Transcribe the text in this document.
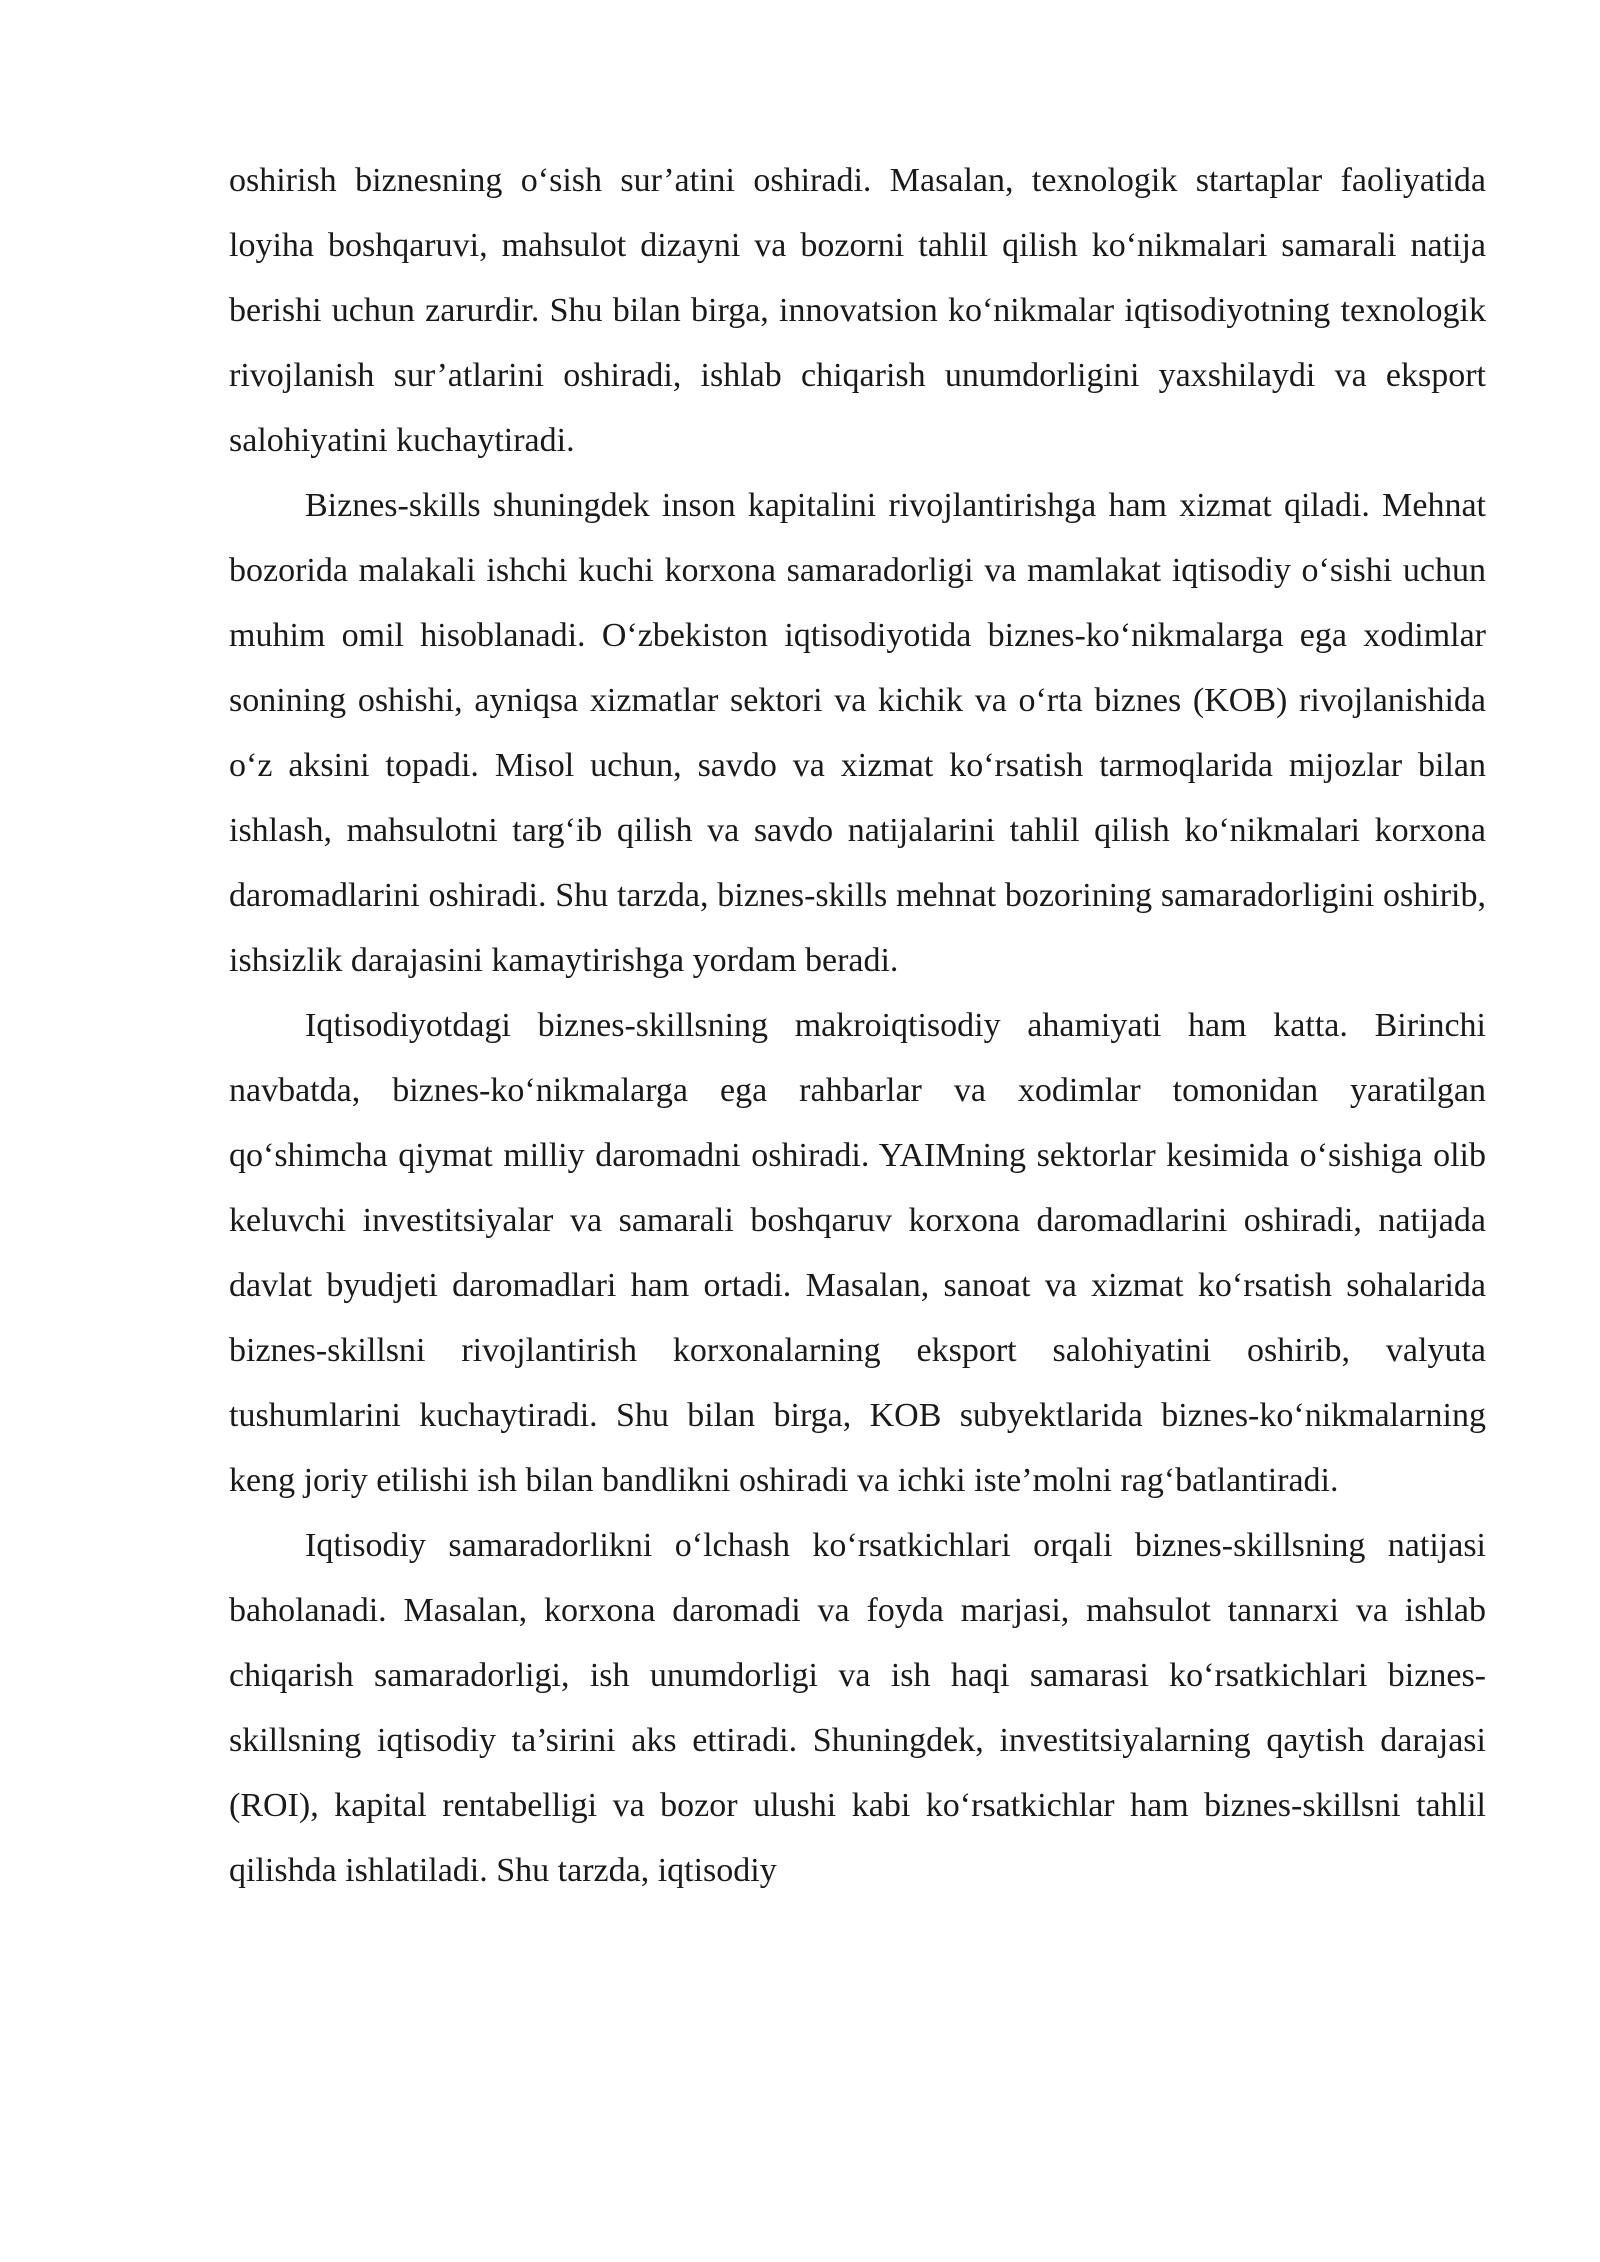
oshirish biznesning o‘sish sur’atini oshiradi. Masalan, texnologik startaplar faoliyatida loyiha boshqaruvi, mahsulot dizayni va bozorni tahlil qilish ko‘nikmalari samarali natija berishi uchun zarurdir. Shu bilan birga, innovatsion ko‘nikmalar iqtisodiyotning texnologik rivojlanish sur’atlarini oshiradi, ishlab chiqarish unumdorligini yaxshilaydi va eksport salohiyatini kuchaytiradi.

Biznes-skills shuningdek inson kapitalini rivojlantirishga ham xizmat qiladi. Mehnat bozorida malakali ishchi kuchi korxona samaradorligi va mamlakat iqtisodiy o‘sishi uchun muhim omil hisoblanadi. O‘zbekiston iqtisodiyotida biznes-ko‘nikmalarga ega xodimlar sonining oshishi, ayniqsa xizmatlar sektori va kichik va o‘rta biznes (KOB) rivojlanishida o‘z aksini topadi. Misol uchun, savdo va xizmat ko‘rsatish tarmoqlarida mijozlar bilan ishlash, mahsulotni targ‘ib qilish va savdo natijalarini tahlil qilish ko‘nikmalari korxona daromadlarini oshiradi. Shu tarzda, biznes-skills mehnat bozorining samaradorligini oshirib, ishsizlik darajasini kamaytirishga yordam beradi.

Iqtisodiyotdagi biznes-skillsning makroiqtisodiy ahamiyati ham katta. Birinchi navbatda, biznes-ko‘nikmalarga ega rahbarlar va xodimlar tomonidan yaratilgan qo‘shimcha qiymat milliy daromadni oshiradi. YAIMning sektorlar kesimida o‘sishiga olib keluvchi investitsiyalar va samarali boshqaruv korxona daromadlarini oshiradi, natijada davlat byudjeti daromadlari ham ortadi. Masalan, sanoat va xizmat ko‘rsatish sohalarida biznes-skillsni rivojlantirish korxonalarning eksport salohiyatini oshirib, valyuta tushumlarini kuchaytiradi. Shu bilan birga, KOB subyektlarida biznes-ko‘nikmalarning keng joriy etilishi ish bilan bandlikni oshiradi va ichki iste’molni rag‘batlantiradi.

Iqtisodiy samaradorlikni o‘lchash ko‘rsatkichlari orqali biznes-skillsning natijasi baholanadi. Masalan, korxona daromadi va foyda marjasi, mahsulot tannarxi va ishlab chiqarish samaradorligi, ish unumdorligi va ish haqi samarasi ko‘rsatkichlari biznes-skillsning iqtisodiy ta’sirini aks ettiradi. Shuningdek, investitsiyalarning qaytish darajasi (ROI), kapital rentabelligi va bozor ulushi kabi ko‘rsatkichlar ham biznes-skillsni tahlil qilishda ishlatiladi. Shu tarzda, iqtisodiy
